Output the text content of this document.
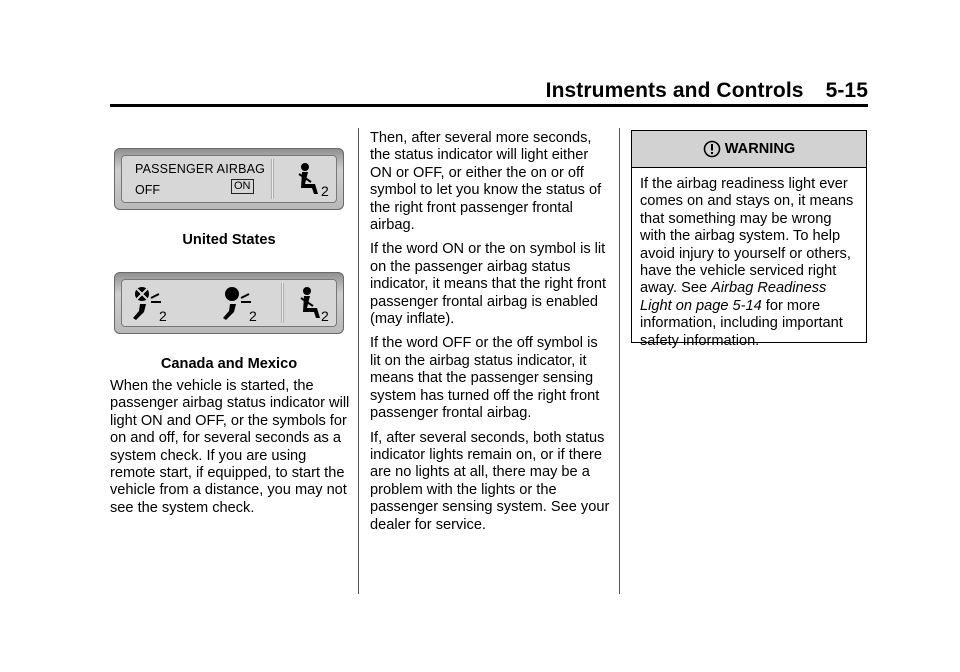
Instruments and Controls 5-15
PASSENGER AIRBAG
OFF	ON	2
United States
2	2	2
Canada and Mexico

When the vehicle is started, the passenger airbag status indicator will light ON and OFF, or the symbols for on and off, for several seconds as a system check. If you are using remote start, if equipped, to start the vehicle from a distance, you may not see the system check.

Then, after several more seconds, the status indicator will light either ON or OFF, or either the on or off symbol to let you know the status of the right front passenger frontal airbag.

If the word ON or the on symbol is lit on the passenger airbag status indicator, it means that the right front passenger frontal airbag is enabled (may inflate).

If the word OFF or the off symbol is lit on the airbag status indicator, it means that the passenger sensing system has turned off the right front passenger frontal airbag.

If, after several seconds, both status indicator lights remain on, or if there are no lights at all, there may be a problem with the lights or the passenger sensing system. See your dealer for service.

WARNING
If the airbag readiness light ever comes on and stays on, it means that something may be wrong with the airbag system. To help avoid injury to yourself or others, have the vehicle serviced right away. See Airbag Readiness Light on page 5-14 for more information, including important safety information.
